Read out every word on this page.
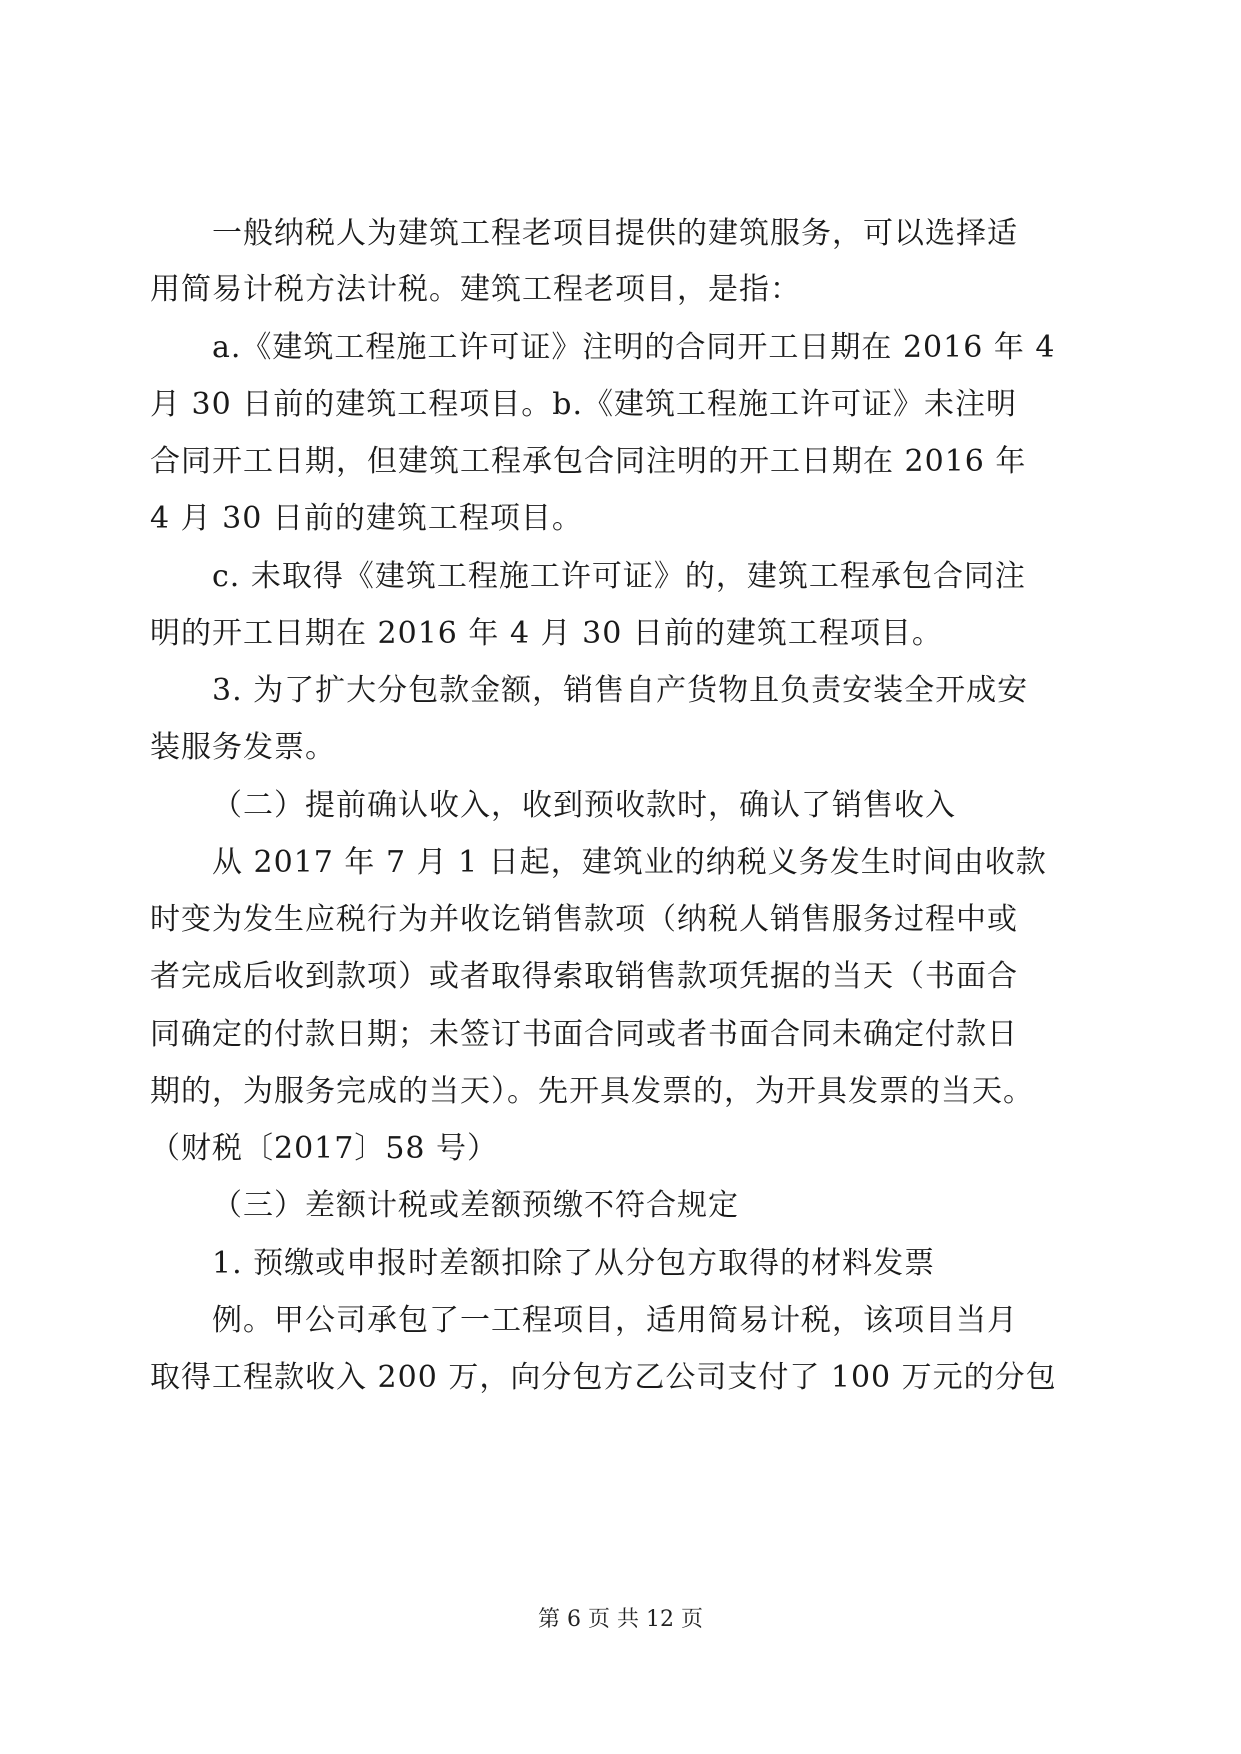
一般纳税人为建筑工程老项目提供的建筑服务，可以选择适
用简易计税方法计税。建筑工程老项目，是指：
a.《建筑工程施工许可证》注明的合同开工日期在 2016 年 4
月 30 日前的建筑工程项目。b.《建筑工程施工许可证》未注明
合同开工日期，但建筑工程承包合同注明的开工日期在 2016 年
4 月 30 日前的建筑工程项目。
c. 未取得《建筑工程施工许可证》的，建筑工程承包合同注
明的开工日期在 2016 年 4 月 30 日前的建筑工程项目。
3. 为了扩大分包款金额，销售自产货物且负责安装全开成安
装服务发票。
（二）提前确认收入，收到预收款时，确认了销售收入
从 2017 年 7 月 1 日起，建筑业的纳税义务发生时间由收款
时变为发生应税行为并收讫销售款项（纳税人销售服务过程中或
者完成后收到款项）或者取得索取销售款项凭据的当天（书面合
同确定的付款日期；未签订书面合同或者书面合同未确定付款日
期的，为服务完成的当天）。先开具发票的，为开具发票的当天。
（财税〔2017〕58 号）
（三）差额计税或差额预缴不符合规定
1. 预缴或申报时差额扣除了从分包方取得的材料发票
例。甲公司承包了一工程项目，适用简易计税，该项目当月
取得工程款收入 200 万，向分包方乙公司支付了 100 万元的分包
第 6 页 共 12 页
